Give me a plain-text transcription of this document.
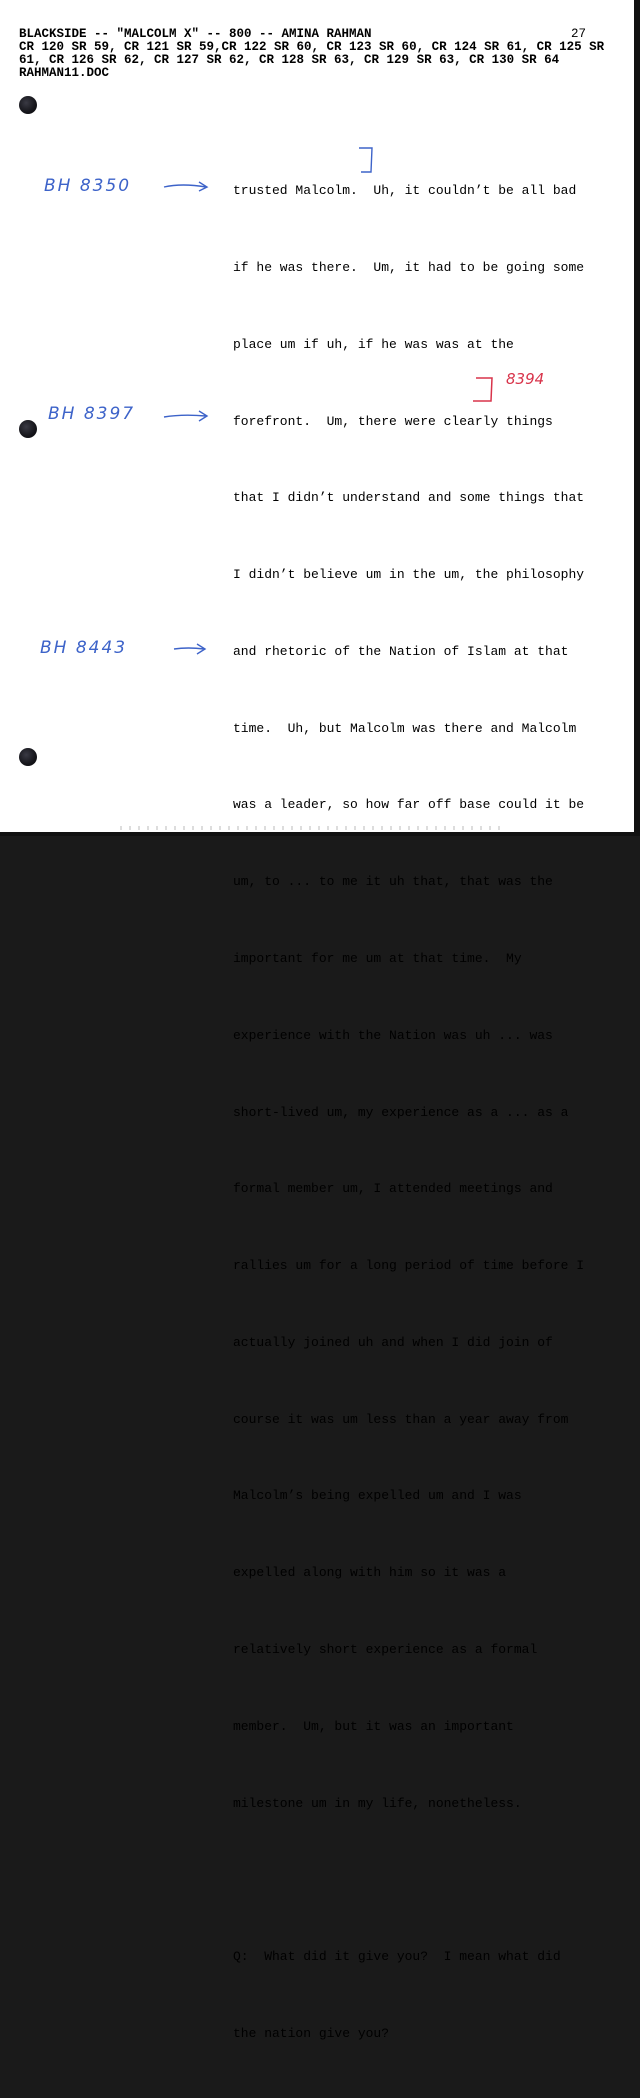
BLACKSIDE -- "MALCOLM X" -- 800 -- AMINA RAHMAN	27
CR 120 SR 59, CR 121 SR 59,CR 122 SR 60, CR 123 SR 60, CR 124 SR 61, CR 125 SR
61, CR 126 SR 62, CR 127 SR 62, CR 128 SR 63, CR 129 SR 63, CR 130 SR 64
RAHMAN11.DOC

trusted Malcolm.  Uh, it couldn’t be all bad

if he was there.  Um, it had to be going some

place um if uh, if he was was at the

forefront.  Um, there were clearly things

that I didn’t understand and some things that

I didn’t believe um in the um, the philosophy

and rhetoric of the Nation of Islam at that

time.  Uh, but Malcolm was there and Malcolm

was a leader, so how far off base could it be

um, to ... to me it uh that, that was the

important for me um at that time.  My

experience with the Nation was uh ... was

short-lived um, my experience as a ... as a

formal member um, I attended meetings and

rallies um for a long period of time before I

actually joined uh and when I did join of

course it was um less than a year away from

Malcolm’s being expelled um and I was

expelled along with him so it was a

relatively short experience as a formal

member.  Um, but it was an important

milestone um in my life, nonetheless.

Q:  What did it give you?  I mean what did

the nation give you?

BH 8350
BH 8397
BH 8443
8394
